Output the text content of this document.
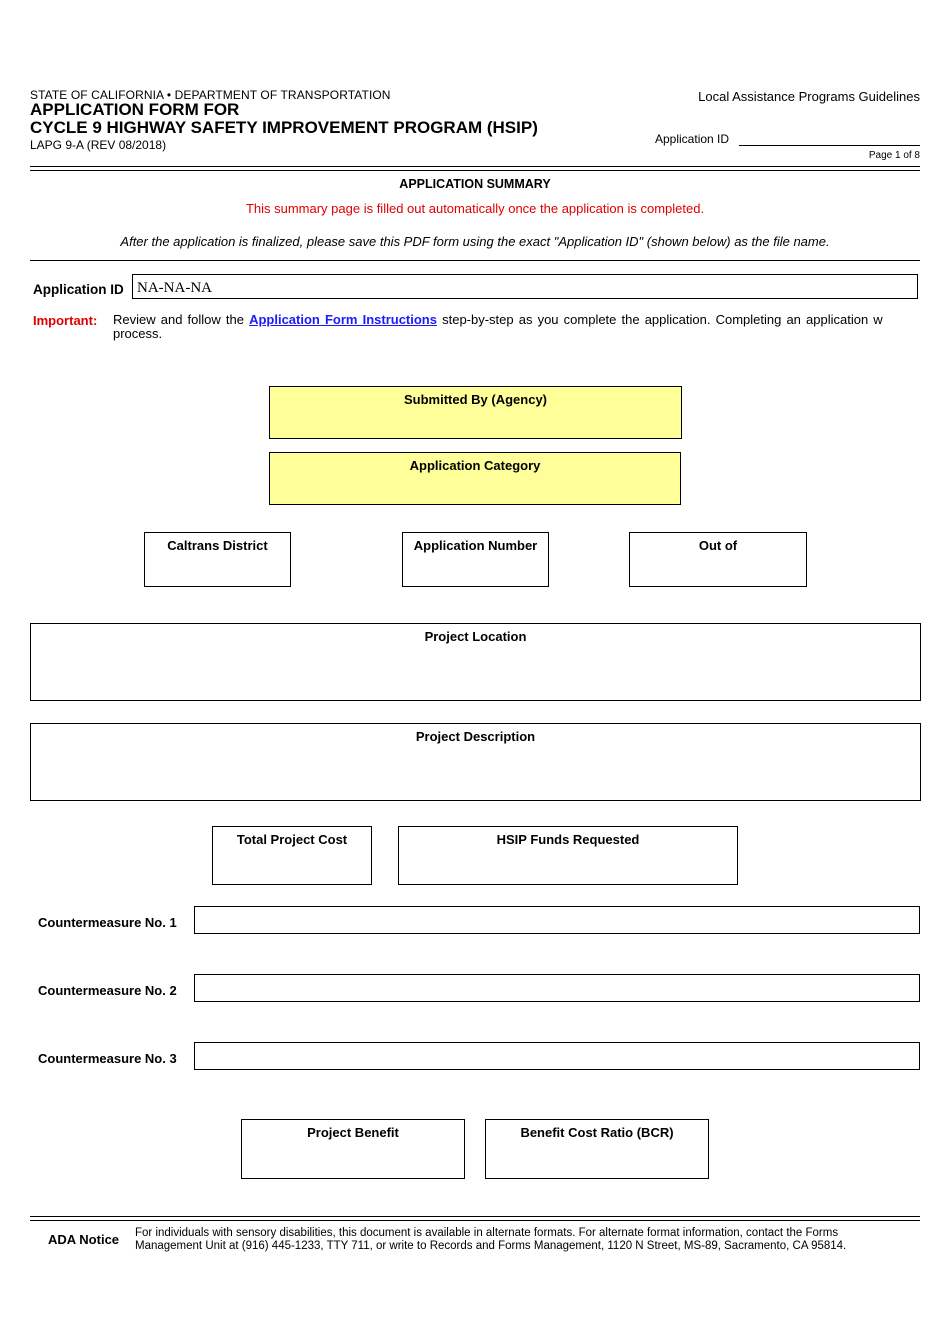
STATE OF CALIFORNIA • DEPARTMENT OF TRANSPORTATION
APPLICATION FORM FOR
CYCLE 9 HIGHWAY SAFETY IMPROVEMENT PROGRAM (HSIP)
LAPG 9-A (REV 08/2018)
Local Assistance Programs Guidelines
Application ID
Page 1 of 8
APPLICATION SUMMARY
This summary page is filled out automatically once the application is completed.
After the application is finalized, please save this PDF form using the exact "Application ID" (shown below) as the file name.
Application ID NA-NA-NA
Important: Review and follow the Application Form Instructions step-by-step as you complete the application. Completing an application w
process.
Submitted By (Agency)
Application Category
Caltrans District	Application Number	Out of
Project Location
Project Description
Total Project Cost	HSIP Funds Requested
Countermeasure No. 1
Countermeasure No. 2
Countermeasure No. 3
Project Benefit	Benefit Cost Ratio (BCR)
ADA Notice For individuals with sensory disabilities, this document is available in alternate formats. For alternate format information, contact the Forms
Management Unit at (916) 445-1233, TTY 711, or write to Records and Forms Management, 1120 N Street, MS-89, Sacramento, CA 95814.
